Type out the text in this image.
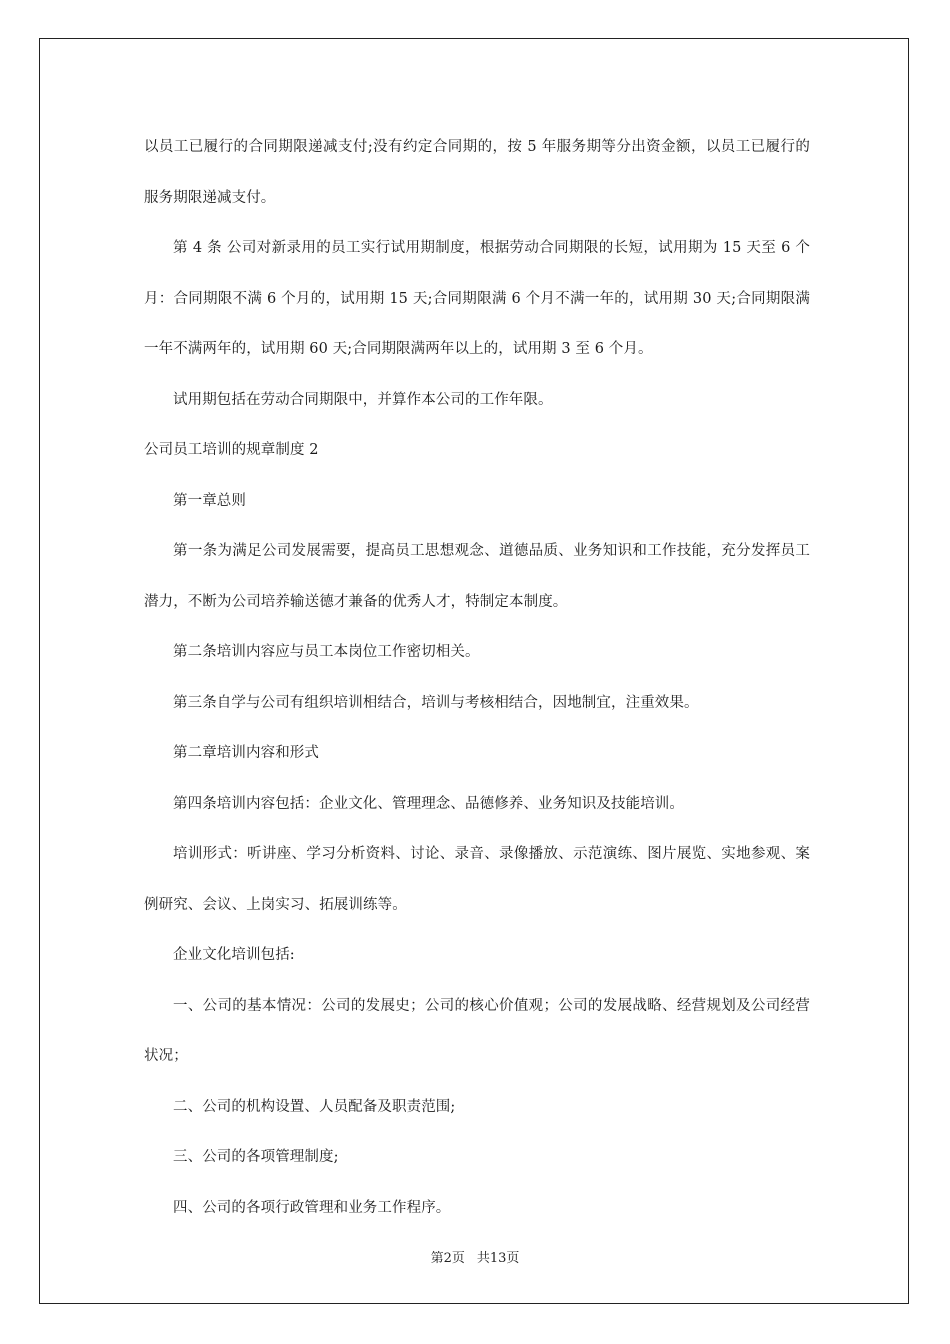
以员工已履行的合同期限递减支付;没有约定合同期的，按 5 年服务期等分出资金额，以员工已履行的服务期限递减支付。

第 4 条 公司对新录用的员工实行试用期制度，根据劳动合同期限的长短，试用期为 15 天至 6 个月：合同期限不满 6 个月的，试用期 15 天;合同期限满 6 个月不满一年的，试用期 30 天;合同期限满一年不满两年的，试用期 60 天;合同期限满两年以上的，试用期 3 至 6 个月。

试用期包括在劳动合同期限中，并算作本公司的工作年限。

公司员工培训的规章制度 2

第一章总则

第一条为满足公司发展需要，提高员工思想观念、道德品质、业务知识和工作技能，充分发挥员工潜力，不断为公司培养输送德才兼备的优秀人才，特制定本制度。

第二条培训内容应与员工本岗位工作密切相关。

第三条自学与公司有组织培训相结合，培训与考核相结合，因地制宜，注重效果。

第二章培训内容和形式

第四条培训内容包括：企业文化、管理理念、品德修养、业务知识及技能培训。

培训形式：听讲座、学习分析资料、讨论、录音、录像播放、示范演练、图片展览、实地参观、案例研究、会议、上岗实习、拓展训练等。

企业文化培训包括:

一、公司的基本情况：公司的发展史；公司的核心价值观；公司的发展战略、经营规划及公司经营状况；

二、公司的机构设置、人员配备及职责范围;

三、公司的各项管理制度;

四、公司的各项行政管理和业务工作程序。

第2页 共13页
